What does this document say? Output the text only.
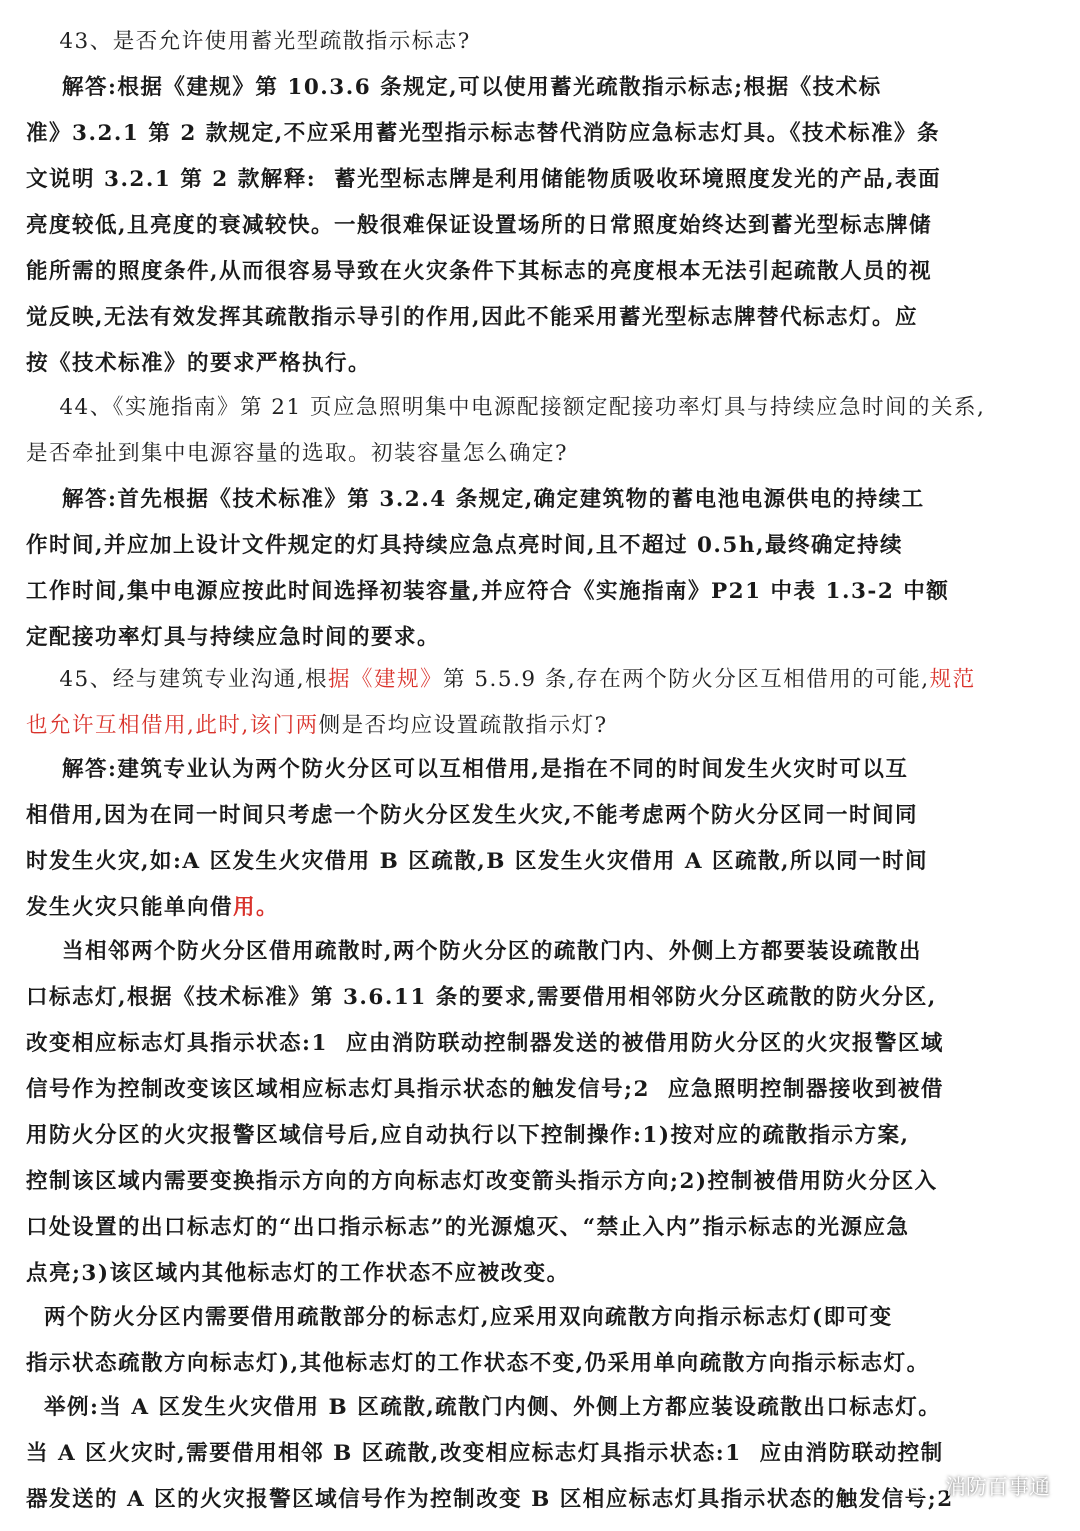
43、是否允许使用蓄光型疏散指示标志?
解答:根据《建规》第 10.3.6 条规定,可以使用蓄光疏散指示标志;根据《技术标
准》3.2.1 第 2 款规定,不应采用蓄光型指示标志替代消防应急标志灯具。《技术标准》条
文说明 3.2.1 第 2 款解释:  蓄光型标志牌是利用储能物质吸收环境照度发光的产品,表面
亮度较低,且亮度的衰减较快。一般很难保证设置场所的日常照度始终达到蓄光型标志牌储
能所需的照度条件,从而很容易导致在火灾条件下其标志的亮度根本无法引起疏散人员的视
觉反映,无法有效发挥其疏散指示导引的作用,因此不能采用蓄光型标志牌替代标志灯。应
按《技术标准》的要求严格执行。
44、《实施指南》第 21 页应急照明集中电源配接额定配接功率灯具与持续应急时间的关系,
是否牵扯到集中电源容量的选取。初装容量怎么确定?
解答:首先根据《技术标准》第 3.2.4 条规定,确定建筑物的蓄电池电源供电的持续工
作时间,并应加上设计文件规定的灯具持续应急点亮时间,且不超过 0.5h,最终确定持续
工作时间,集中电源应按此时间选择初装容量,并应符合《实施指南》P21 中表 1.3-2 中额
定配接功率灯具与持续应急时间的要求。
45、经与建筑专业沟通,根据《建规》第 5.5.9 条,存在两个防火分区互相借用的可能,规范
也允许互相借用,此时,该门两侧是否均应设置疏散指示灯?
解答:建筑专业认为两个防火分区可以互相借用,是指在不同的时间发生火灾时可以互
相借用,因为在同一时间只考虑一个防火分区发生火灾,不能考虑两个防火分区同一时间同
时发生火灾,如:A 区发生火灾借用 B 区疏散,B 区发生火灾借用 A 区疏散,所以同一时间
发生火灾只能单向借用。
当相邻两个防火分区借用疏散时,两个防火分区的疏散门内、外侧上方都要装设疏散出
口标志灯,根据《技术标准》第 3.6.11 条的要求,需要借用相邻防火分区疏散的防火分区,
改变相应标志灯具指示状态:1  应由消防联动控制器发送的被借用防火分区的火灾报警区域
信号作为控制改变该区域相应标志灯具指示状态的触发信号;2  应急照明控制器接收到被借
用防火分区的火灾报警区域信号后,应自动执行以下控制操作:1)按对应的疏散指示方案,
控制该区域内需要变换指示方向的方向标志灯改变箭头指示方向;2)控制被借用防火分区入
口处设置的出口标志灯的“出口指示标志”的光源熄灭、“禁止入内”指示标志的光源应急
点亮;3)该区域内其他标志灯的工作状态不应被改变。
两个防火分区内需要借用疏散部分的标志灯,应采用双向疏散方向指示标志灯(即可变
指示状态疏散方向标志灯),其他标志灯的工作状态不变,仍采用单向疏散方向指示标志灯。
举例:当 A 区发生火灾借用 B 区疏散,疏散门内侧、外侧上方都应装设疏散出口标志灯。
当 A 区火灾时,需要借用相邻 B 区疏散,改变相应标志灯具指示状态:1  应由消防联动控制
器发送的 A 区的火灾报警区域信号作为控制改变 B 区相应标志灯具指示状态的触发信号;2
消防百事通
